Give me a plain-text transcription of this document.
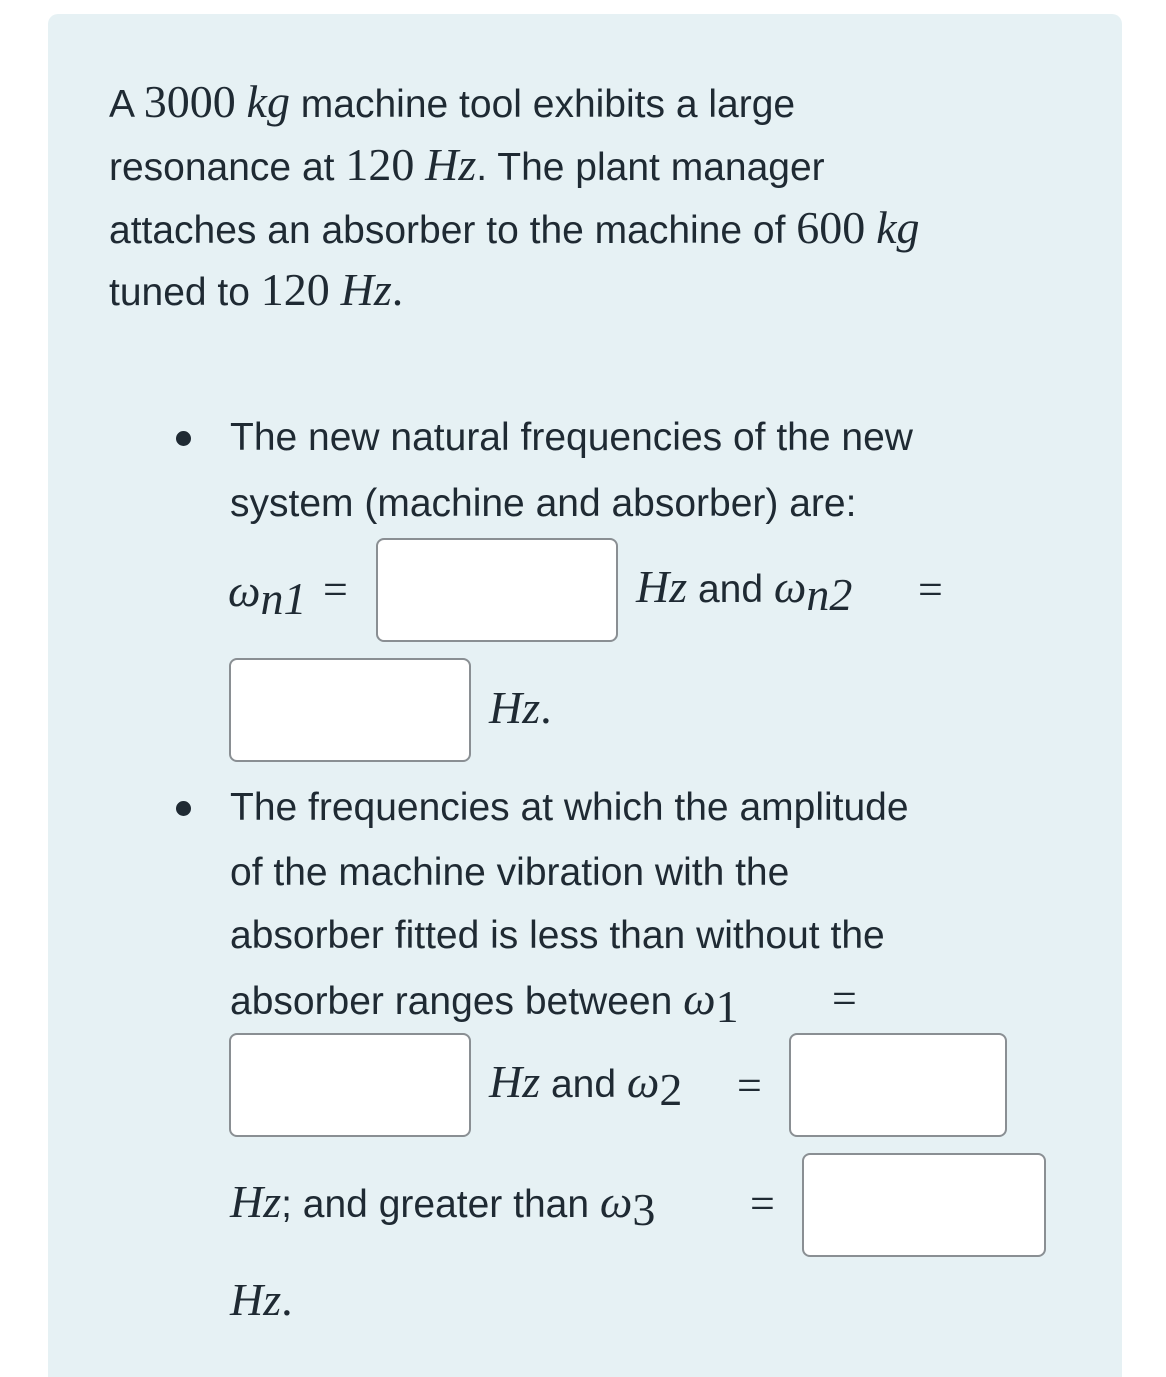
A 3000 kg machine tool exhibits a large
resonance at 120 Hz. The plant manager
attaches an absorber to the machine of 600 kg
tuned to 120 Hz.
The new natural frequencies of the new
system (machine and absorber) are:
$\omega_{n1}$ =	Hz and $\omega_{n2}$ =
Hz.
The frequencies at which the amplitude
of the machine vibration with the
absorber fitted is less than without the
absorber ranges between $\omega_1$ =
Hz and $\omega_2$ =
Hz; and greater than $\omega_3$ =
Hz.
